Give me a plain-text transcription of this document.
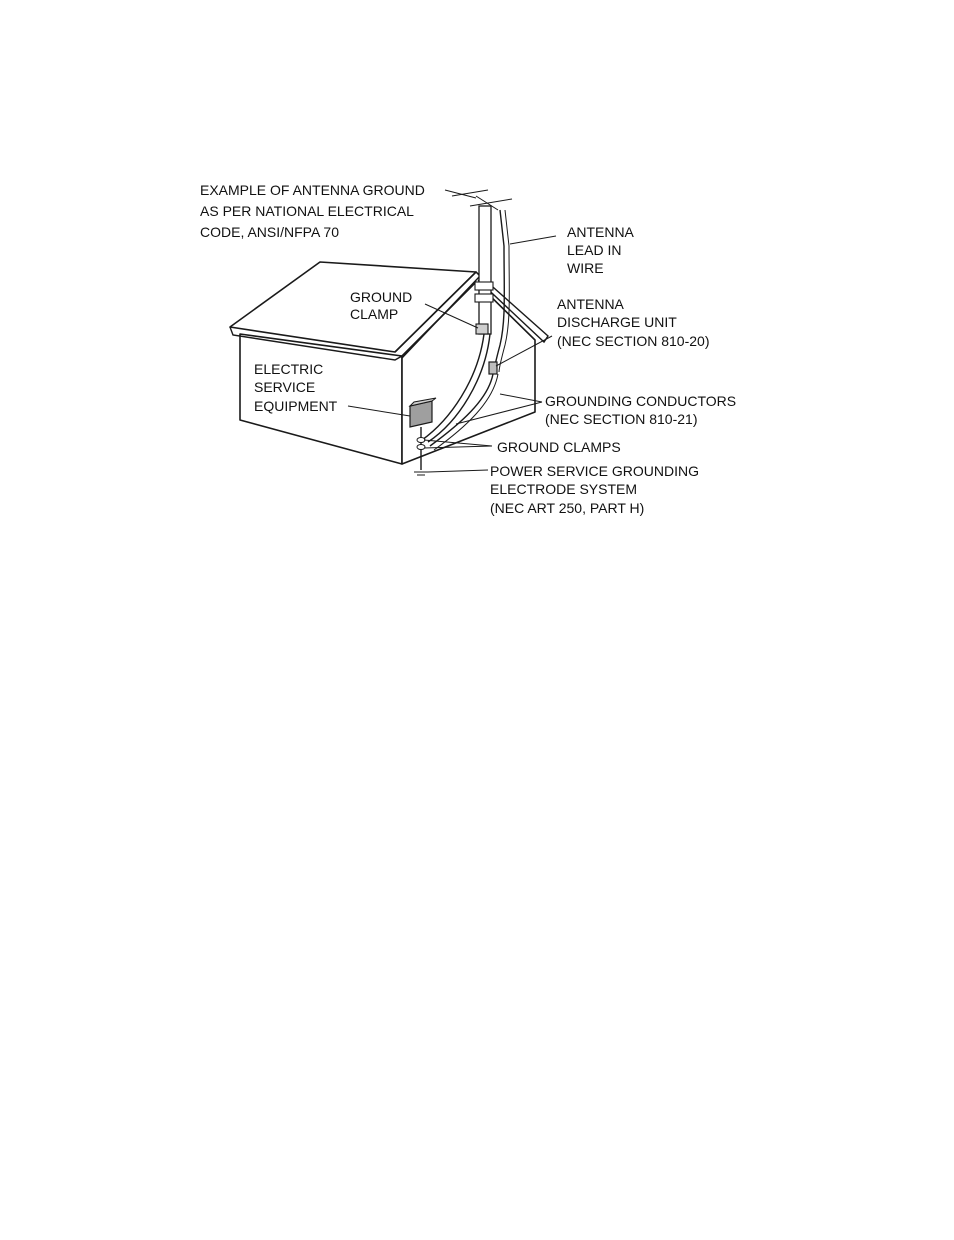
EXAMPLE OF ANTENNA GROUND AS PER NATIONAL ELECTRICAL CODE, ANSI/NFPA 70	ANTENNA LEAD IN WIRE
GROUND CLAMP
ANTENNA DISCHARGE UNIT (NEC SECTION 810-20)
ELECTRIC SERVICE EQUIPMENT	GROUNDING CONDUCTORS (NEC SECTION 810-21)
GROUND CLAMPS
POWER SERVICE GROUNDING ELECTRODE SYSTEM (NEC ART 250, PART H)
